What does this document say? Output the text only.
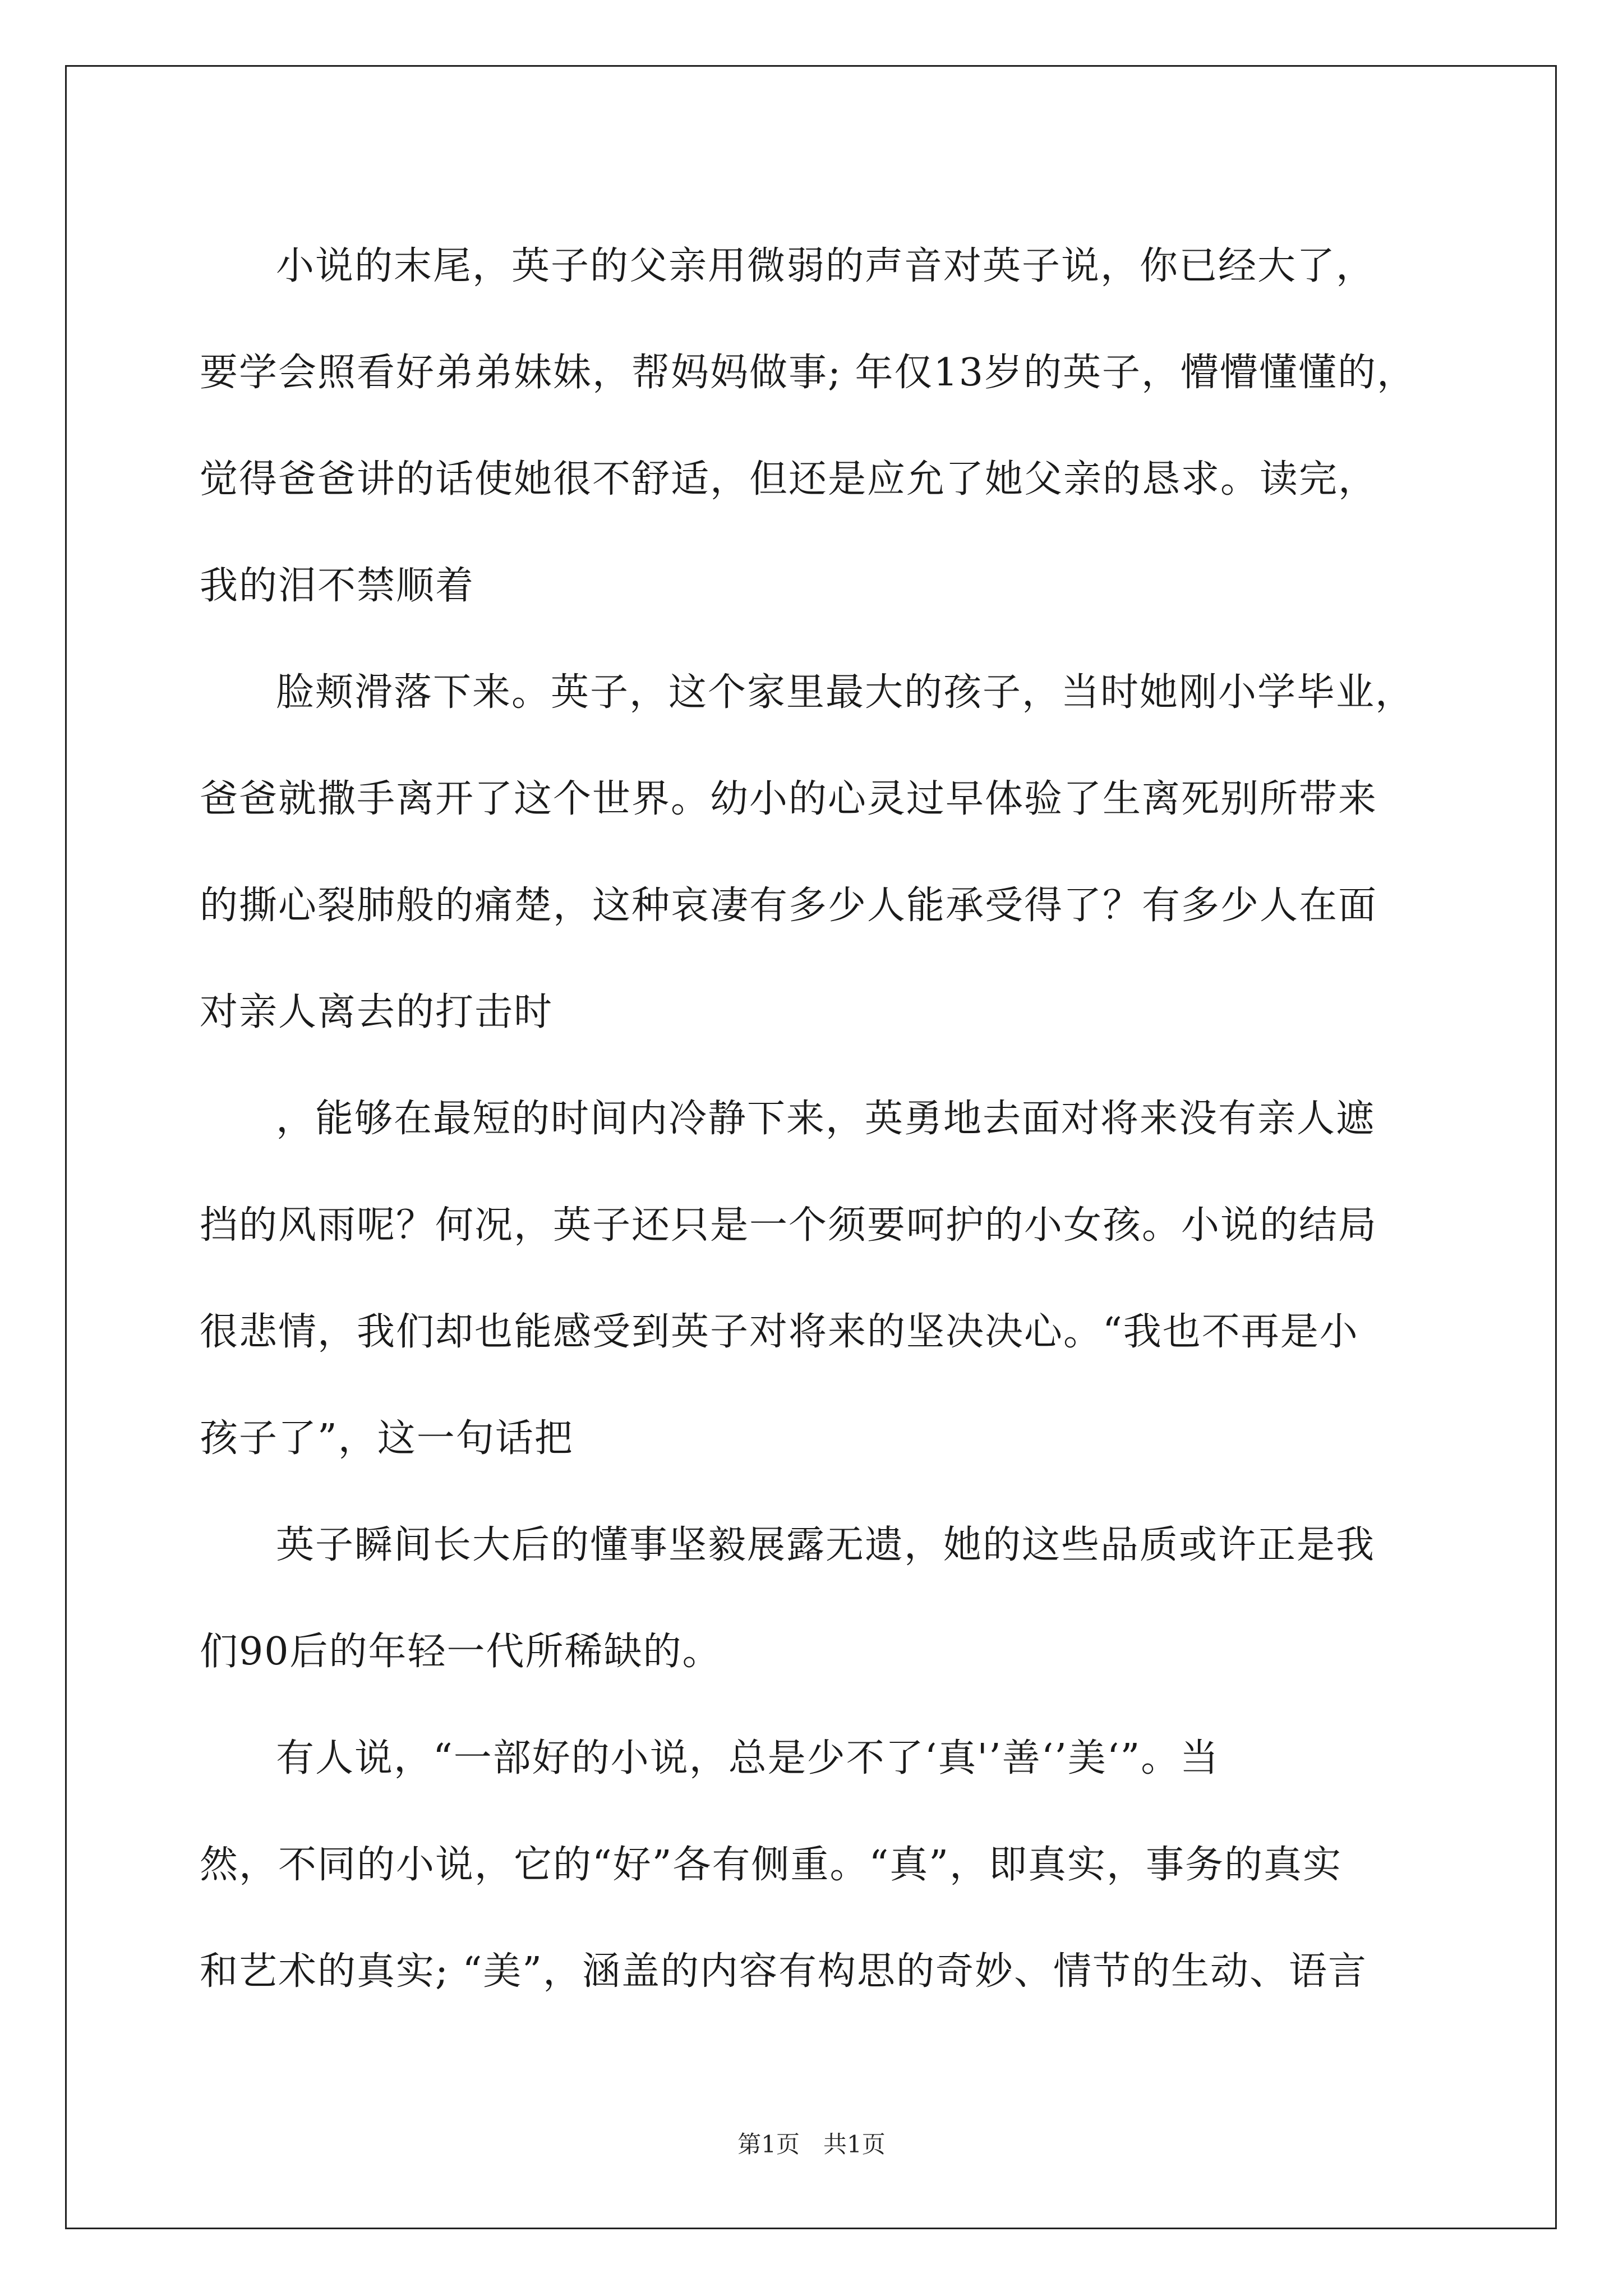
小说的末尾，英子的父亲用微弱的声音对英子说，你已经大了，
要学会照看好弟弟妹妹，帮妈妈做事; 年仅13岁的英子，懵懵懂懂的，
觉得爸爸讲的话使她很不舒适，但还是应允了她父亲的恳求。读完，
我的泪不禁顺着
脸颊滑落下来。英子，这个家里最大的孩子，当时她刚小学毕业，
爸爸就撒手离开了这个世界。幼小的心灵过早体验了生离死别所带来
的撕心裂肺般的痛楚，这种哀凄有多少人能承受得了？有多少人在面
对亲人离去的打击时
，能够在最短的时间内冷静下来，英勇地去面对将来没有亲人遮
挡的风雨呢？何况，英子还只是一个须要呵护的小女孩。小说的结局
很悲情，我们却也能感受到英子对将来的坚决决心。“我也不再是小
孩子了”，这一句话把
英子瞬间长大后的懂事坚毅展露无遗，她的这些品质或许正是我
们90后的年轻一代所稀缺的。
有人说，“一部好的小说，总是少不了‘真'’善‘’美‘”。当
然，不同的小说，它的“好”各有侧重。“真”，即真实，事务的真实
和艺术的真实; “美”，涵盖的内容有构思的奇妙、情节的生动、语言
第1页　共1页
